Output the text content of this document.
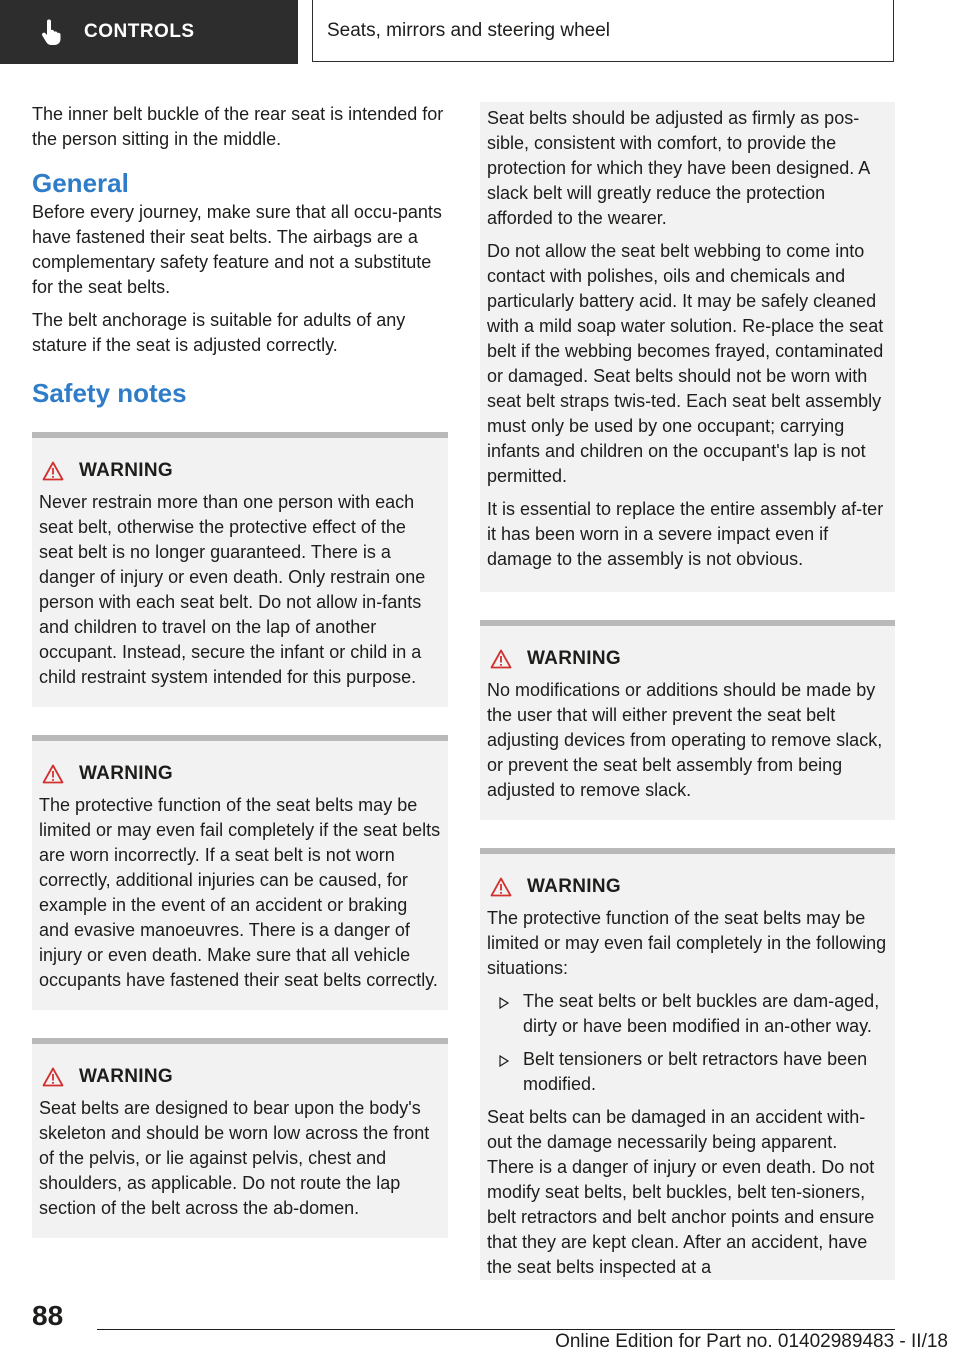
CONTROLS	Seats, mirrors and steering wheel

The inner belt buckle of the rear seat is intended for the person sitting in the middle.

General

Before every journey, make sure that all occu‐pants have fastened their seat belts. The airbags are a complementary safety feature and not a substitute for the seat belts.

The belt anchorage is suitable for adults of any stature if the seat is adjusted correctly.

Safety notes
WARNING

Never restrain more than one person with each seat belt, otherwise the protective effect of the seat belt is no longer guaranteed. There is a danger of injury or even death. Only restrain one person with each seat belt. Do not allow in‐fants and children to travel on the lap of another occupant. Instead, secure the infant or child in a child restraint system intended for this purpose.

WARNING

The protective function of the seat belts may be limited or may even fail completely if the seat belts are worn incorrectly. If a seat belt is not worn correctly, additional injuries can be caused, for example in the event of an accident or braking and evasive manoeuvres. There is a danger of injury or even death. Make sure that all vehicle occupants have fastened their seat belts correctly.

WARNING

Seat belts are designed to bear upon the body's skeleton and should be worn low across the front of the pelvis, or lie against pelvis, chest and shoulders, as applicable. Do not route the lap section of the belt across the ab‐domen.

Seat belts should be adjusted as firmly as pos‐sible, consistent with comfort, to provide the protection for which they have been designed. A slack belt will greatly reduce the protection afforded to the wearer.

Do not allow the seat belt webbing to come into contact with polishes, oils and chemicals and particularly battery acid. It may be safely cleaned with a mild soap water solution. Re‐place the seat belt if the webbing becomes frayed, contaminated or damaged. Seat belts should not be worn with seat belt straps twis‐ted. Each seat belt assembly must only be used by one occupant; carrying infants and children on the occupant's lap is not permitted.

It is essential to replace the entire assembly af‐ter it has been worn in a severe impact even if damage to the assembly is not obvious.

WARNING

No modifications or additions should be made by the user that will either prevent the seat belt adjusting devices from operating to remove slack, or prevent the seat belt assembly from being adjusted to remove slack.

WARNING

The protective function of the seat belts may be limited or may even fail completely in the following situations:

The seat belts or belt buckles are dam‐aged, dirty or have been modified in an‐other way.
Belt tensioners or belt retractors have been modified.

Seat belts can be damaged in an accident with‐out the damage necessarily being apparent. There is a danger of injury or even death. Do not modify seat belts, belt buckles, belt ten‐sioners, belt retractors and belt anchor points and ensure that they are kept clean. After an accident, have the seat belts inspected at a

88
Online Edition for Part no. 01402989483 - II/18
